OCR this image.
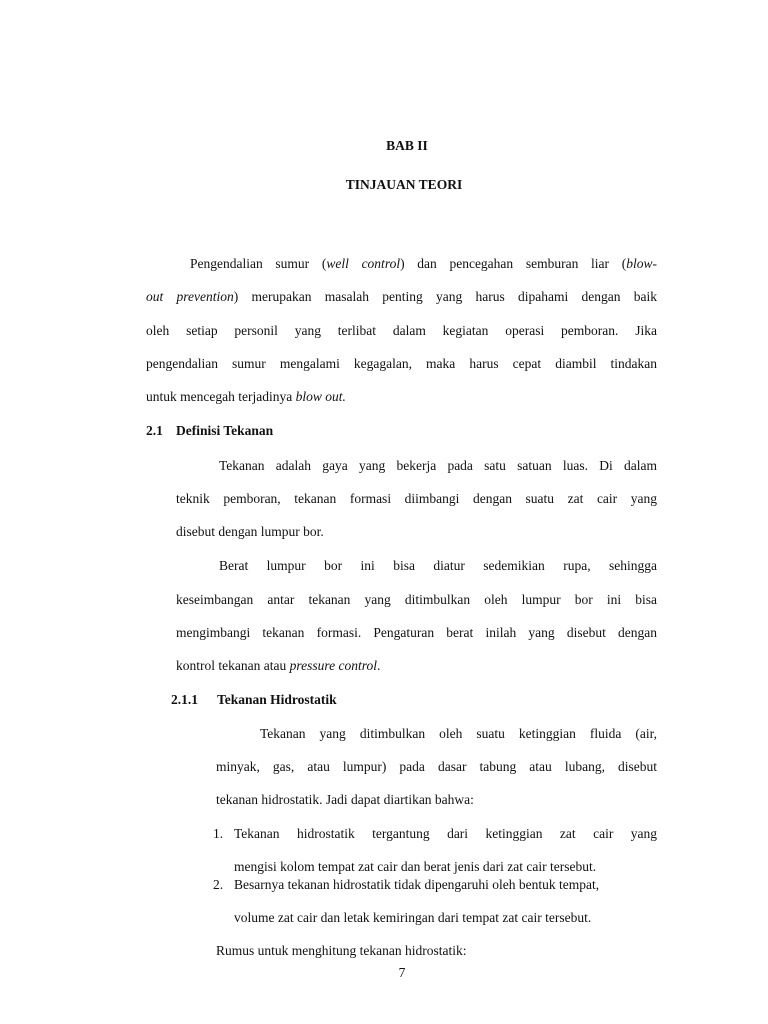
BAB II
TINJAUAN TEORI
Pengendalian sumur (well control) dan pencegahan semburan liar (blow-
out prevention) merupakan masalah penting yang harus dipahami dengan baik
oleh setiap personil yang terlibat dalam kegiatan operasi pemboran. Jika
pengendalian sumur mengalami kegagalan, maka harus cepat diambil tindakan
untuk mencegah terjadinya blow out.
2.1 Definisi Tekanan
Tekanan adalah gaya yang bekerja pada satu satuan luas. Di dalam
teknik pemboran, tekanan formasi diimbangi dengan suatu zat cair yang
disebut dengan lumpur bor.
Berat lumpur bor ini bisa diatur sedemikian rupa, sehingga
keseimbangan antar tekanan yang ditimbulkan oleh lumpur bor ini bisa
mengimbangi tekanan formasi. Pengaturan berat inilah yang disebut dengan
kontrol tekanan atau pressure control.
2.1.1 Tekanan Hidrostatik
Tekanan yang ditimbulkan oleh suatu ketinggian fluida (air,
minyak, gas, atau lumpur) pada dasar tabung atau lubang, disebut
tekanan hidrostatik. Jadi dapat diartikan bahwa:
1. Tekanan hidrostatik tergantung dari ketinggian zat cair yang
mengisi kolom tempat zat cair dan berat jenis dari zat cair tersebut.
2. Besarnya tekanan hidrostatik tidak dipengaruhi oleh bentuk tempat,
volume zat cair dan letak kemiringan dari tempat zat cair tersebut.
Rumus untuk menghitung tekanan hidrostatik:
7
